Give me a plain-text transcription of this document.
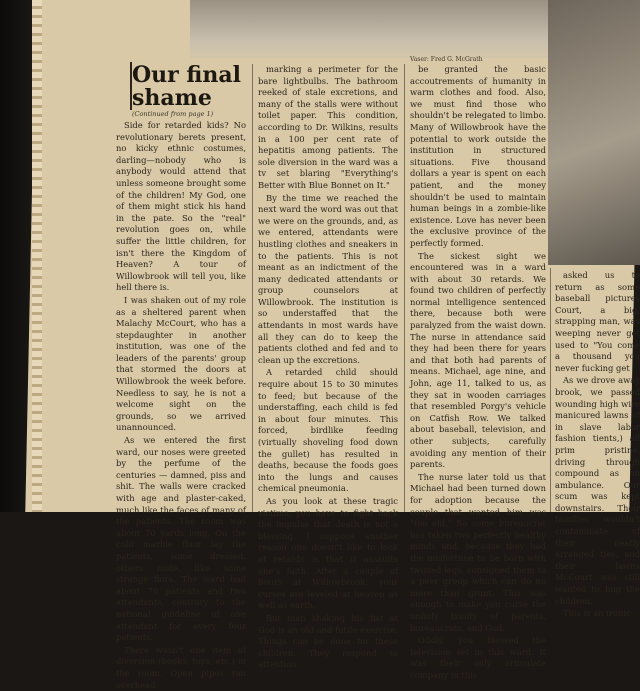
Vaser: Fred G. McGrath
Our final shame
(Continued from page 1)

Side for retarded kids? No revolutionary berets present, no kicky ethnic costumes, darling—nobody who is anybody would attend that unless someone brought some of the children! My God, one of them might stick his hand in the pate. So the "real" revolution goes on, while suffer the little children, for isn't there the Kingdom of Heaven? A tour of Willowbrook will tell you, like hell there is.

I was shaken out of my role as a sheltered parent when Malachy McCourt, who has a stepdaughter in another institution, was one of the leaders of the parents' group that stormed the doors at Willowbrook the week before. Needless to say, he is not a welcome sight on the grounds, so we arrived unannounced.

As we entered the first ward, our noses were greeted by the perfume of the centuries — damned, piss and shit. The walls were cracked with age and plaster-caked, much like the faces of many of the patients. The room was about 70 yards long. On the cold marble floor lay the patients, some dressed, others nude, like some strange flora. The ward had about 70 patients and two attendants, contrary to the national guideline of one attendant for every four patients.

There wasn't one item of diversion (books, toys, etc.) in the room. Open pipes ran overhead

marking a perimeter for the bare lightbulbs. The bathroom reeked of stale excretions, and many of the stalls were without toilet paper. This condition, according to Dr. Wilkins, results in a 100 per cent rate of hepatitis among patients. The sole diversion in the ward was a tv set blaring "Everything's Better with Blue Bonnet on It."

By the time we reached the next ward the word was out that we were on the grounds, and, as we entered, attendants were hustling clothes and sneakers in to the patients. This is not meant as an indictment of the many dedicated attendants or group counselors at Willowbrook. The institution is so understaffed that the attendants in most wards have all they can do to keep the patients clothed and fed and to clean up the excretions.

A retarded child should require about 15 to 30 minutes to feed; but because of the understaffing, each child is fed in about four minutes. This forced, birdlike feeding (virtually shoveling food down the gullet) has resulted in deaths, because the foods goes into the lungs and causes chemical pneumonia.

As you look at these tragic victims, you have to fight back the impulse that death is not a blessing. I suppose another reason one doesn't like to look at retards is that it assaults one's faith. After a couple of hours at Willowbrook, your curses are leveled at heaven as well as earth.

But man shaking his fist at God is an old and futile exercise. Things can be done for these children. They respond to attention

be granted the basic accoutrements of humanity in warm clothes and food. Also, we must find those who shouldn't be relegated to limbo. Many of Willowbrook have the potential to work outside the institution in structured situations. Five thousand dollars a year is spent on each patient, and the money shouldn't be used to maintain human beings in a zombie-like existence. Love has never been the exclusive province of the perfectly formed.

The sickest sight we encountered was in a ward with about 30 retards. We found two children of perfectly normal intelligence sentenced there, because both were paralyzed from the waist down. The nurse in attendance said they had been there for years and that both had parents of means. Michael, age nine, and John, age 11, talked to us, as they sat in wooden carriages that resembled Porgy's vehicle on Catfish Row. We talked about baseball, television, and other subjects, carefully avoiding any mention of their parents.

The nurse later told us that Michael had been turned down for adoption because the couple that wanted him was "too old." So some bureaucrat has taken two perfectly healthy minds and, because they had the misfortune to be born with twisted legs, consigned them to a peer group which can do no more than grunt. This was enough to make you curse the unholy trinity of parents, bureaucrats, and God.

Oddly, you blessed the television set in this ward. It was their only articulate company in this

asked us to return as some baseball pictures Court, a big, strapping man, was weeping never get used to "You come a thousand you never fucking get

As we drove away brook, we passed wounding high wire manicured lawns of in slave labor fashion tients,) all prim pristine, driving through compound as an ambulance. Our scum was kept downstairs. Their families wouldn't contaminate of their neatly arranged ties, and their lawns McCourt was still wanted to hug the children.

This is an ironic
